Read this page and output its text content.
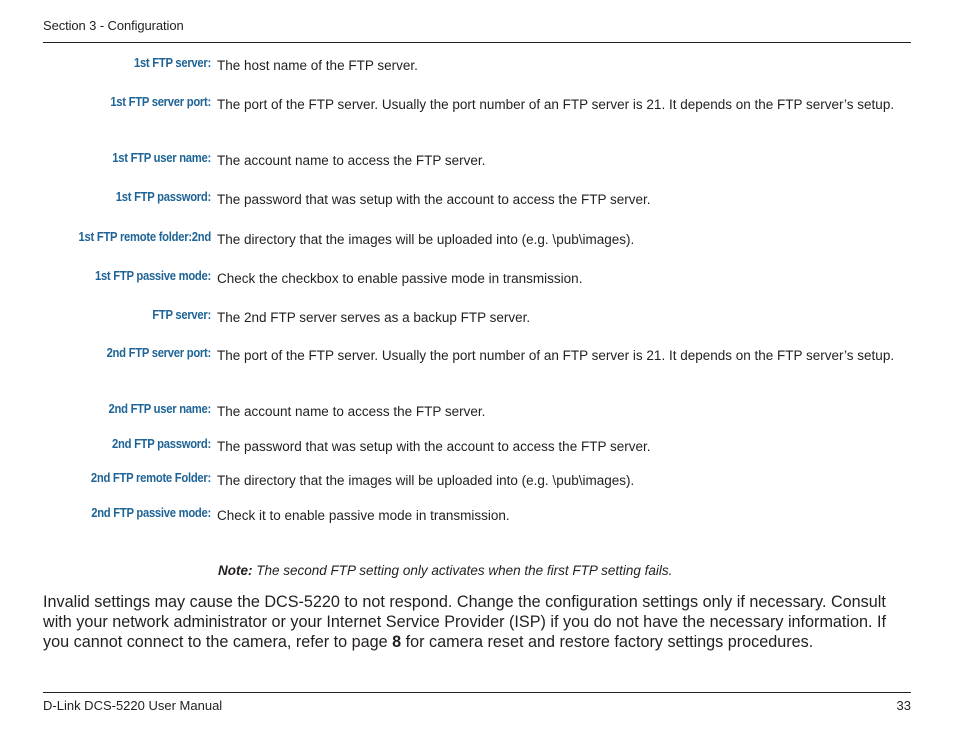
Section 3 - Configuration
1st FTP server: The host name of the FTP server.
1st FTP server port: The port of the FTP server. Usually the port number of an FTP server is 21. It depends on the FTP server’s setup.
1st FTP user name: The account name to access the FTP server.
1st FTP password: The password that was setup with the account to access the FTP server.
1st FTP remote folder:2nd The directory that the images will be uploaded into (e.g. \pub\images).
1st FTP passive mode: Check the checkbox to enable passive mode in transmission.
FTP server: The 2nd FTP server serves as a backup FTP server.
2nd FTP server port: The port of the FTP server. Usually the port number of an FTP server is 21. It depends on the FTP server’s setup.
2nd FTP user name: The account name to access the FTP server.
2nd FTP password: The password that was setup with the account to access the FTP server.
2nd FTP remote Folder: The directory that the images will be uploaded into (e.g. \pub\images).
2nd FTP passive mode: Check it to enable passive mode in transmission.
Note: The second FTP setting only activates when the first FTP setting fails.
Invalid settings may cause the DCS-5220 to not respond. Change the configuration settings only if necessary. Consult with your network administrator or your Internet Service Provider (ISP) if you do not have the necessary information. If you cannot connect to the camera, refer to page 8 for camera reset and restore factory settings procedures.
D-Link DCS-5220 User Manual	33
